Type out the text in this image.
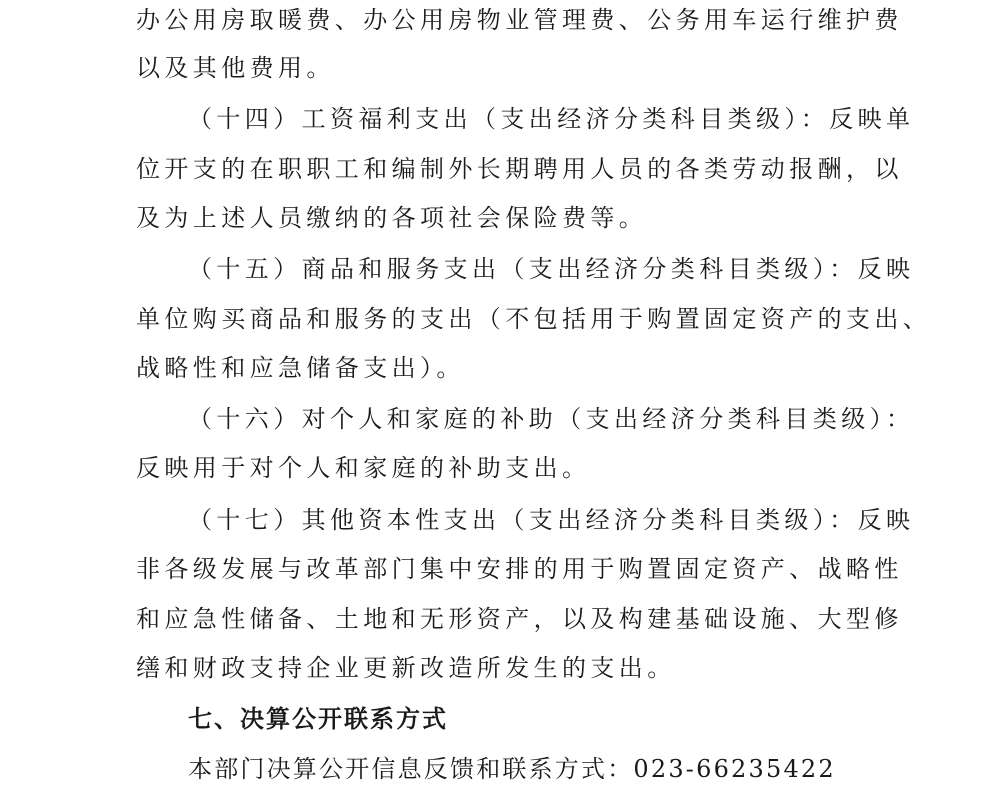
办公用房取暖费、办公用房物业管理费、公务用车运行维护费
以及其他费用。
（十四）工资福利支出（支出经济分类科目类级）：反映单
位开支的在职职工和编制外长期聘用人员的各类劳动报酬，以
及为上述人员缴纳的各项社会保险费等。
（十五）商品和服务支出（支出经济分类科目类级）：反映
单位购买商品和服务的支出（不包括用于购置固定资产的支出、
战略性和应急储备支出）。
（十六）对个人和家庭的补助（支出经济分类科目类级）：
反映用于对个人和家庭的补助支出。
（十七）其他资本性支出（支出经济分类科目类级）：反映
非各级发展与改革部门集中安排的用于购置固定资产、战略性
和应急性储备、土地和无形资产，以及构建基础设施、大型修
缮和财政支持企业更新改造所发生的支出。
七、决算公开联系方式
本部门决算公开信息反馈和联系方式：023-66235422
